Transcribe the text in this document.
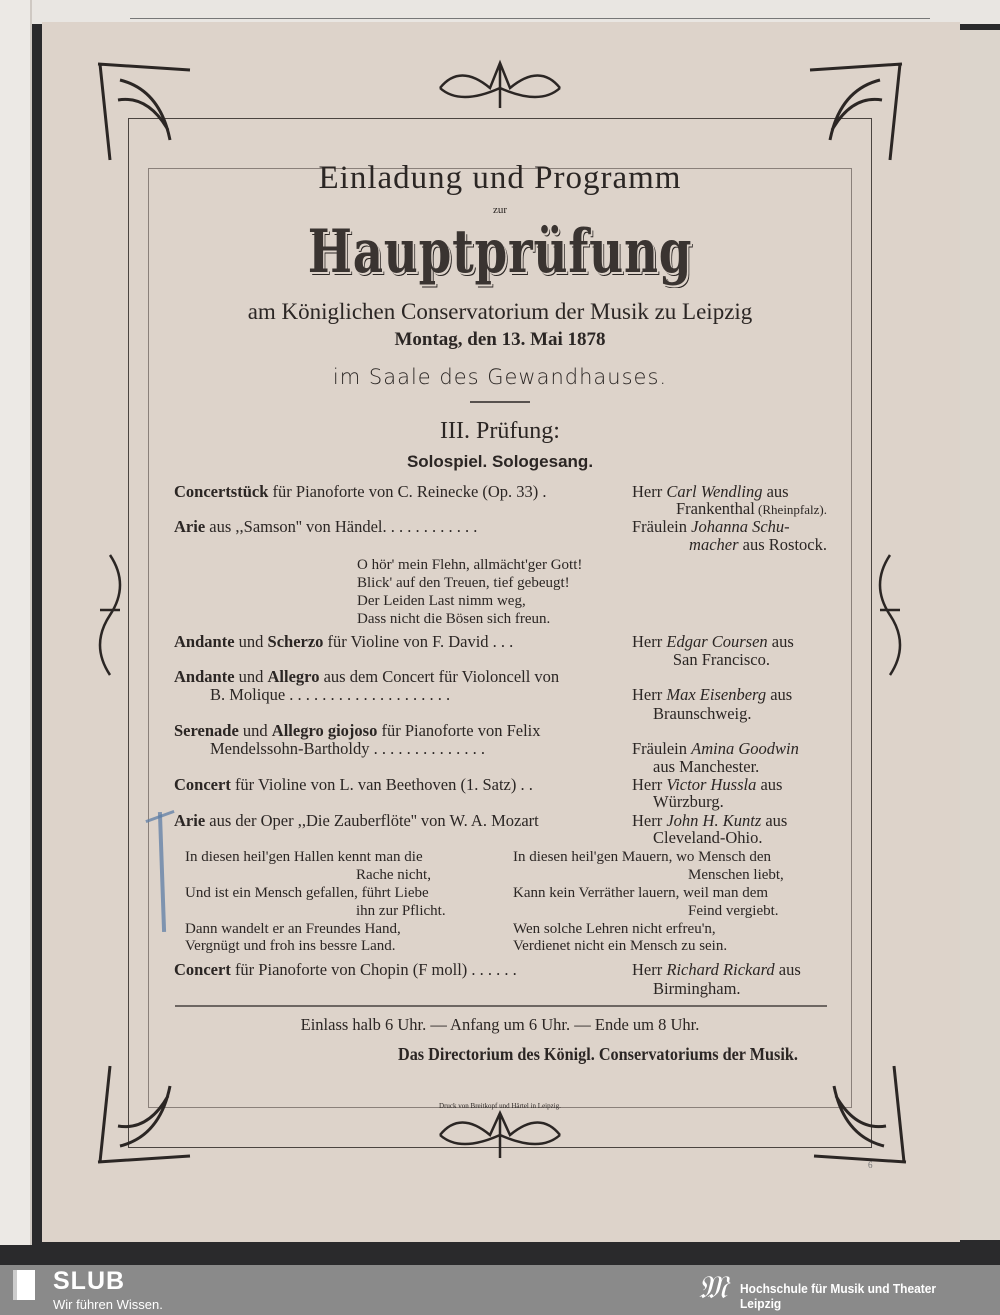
Einladung und Programm
zur
Hauptprüfung
am Königlichen Conservatorium der Musik zu Leipzig
Montag, den 13. Mai 1878
im Saale des Gewandhauses.
III. Prüfung:
Solospiel. Sologesang.
Concertstück für Pianoforte von C. Reinecke (Op. 33) .	Herr Carl Wendling aus
Frankenthal (Rheinpfalz).
Arie aus ,,Samson'' von Händel. . . . . . . . . . . .	Fräulein Johanna Schu-
macher aus Rostock.
O hör' mein Flehn, allmächt'ger Gott!
Blick' auf den Treuen, tief gebeugt!
Der Leiden Last nimm weg,
Dass nicht die Bösen sich freun.
Andante und Scherzo für Violine von F. David . . .	Herr Edgar Coursen aus
San Francisco.
Andante und Allegro aus dem Concert für Violoncell von
B. Molique . . . . . . . . . . . . . . . . . . . .	Herr Max Eisenberg aus
Braunschweig.
Serenade und Allegro giojoso für Pianoforte von Felix
Mendelssohn-Bartholdy . . . . . . . . . . . . . .	Fräulein Amina Goodwin
aus Manchester.
Concert für Violine von L. van Beethoven (1. Satz) . .	Herr Victor Hussla aus
Würzburg.
Arie aus der Oper ,,Die Zauberflöte'' von W. A. Mozart	Herr John H. Kuntz aus
Cleveland-Ohio.
In diesen heil'gen Hallen kennt man die
Rache nicht,
Und ist ein Mensch gefallen, führt Liebe
ihn zur Pflicht.
Dann wandelt er an Freundes Hand,
Vergnügt und froh ins bessre Land.
In diesen heil'gen Mauern, wo Mensch den
Menschen liebt,
Kann kein Verräther lauern, weil man dem
Feind vergiebt.
Wen solche Lehren nicht erfreu'n,
Verdienet nicht ein Mensch zu sein.
Concert für Pianoforte von Chopin (F moll) . . . . . .	Herr Richard Rickard aus
Birmingham.
Einlass halb 6 Uhr. — Anfang um 6 Uhr. — Ende um 8 Uhr.
Das Directorium des Königl. Conservatoriums der Musik.
Druck von Breitkopf und Härtel in Leipzig.
6
SLUB
Wir führen Wissen.	𝔐 Hochschule für Musik und Theater Leipzig
